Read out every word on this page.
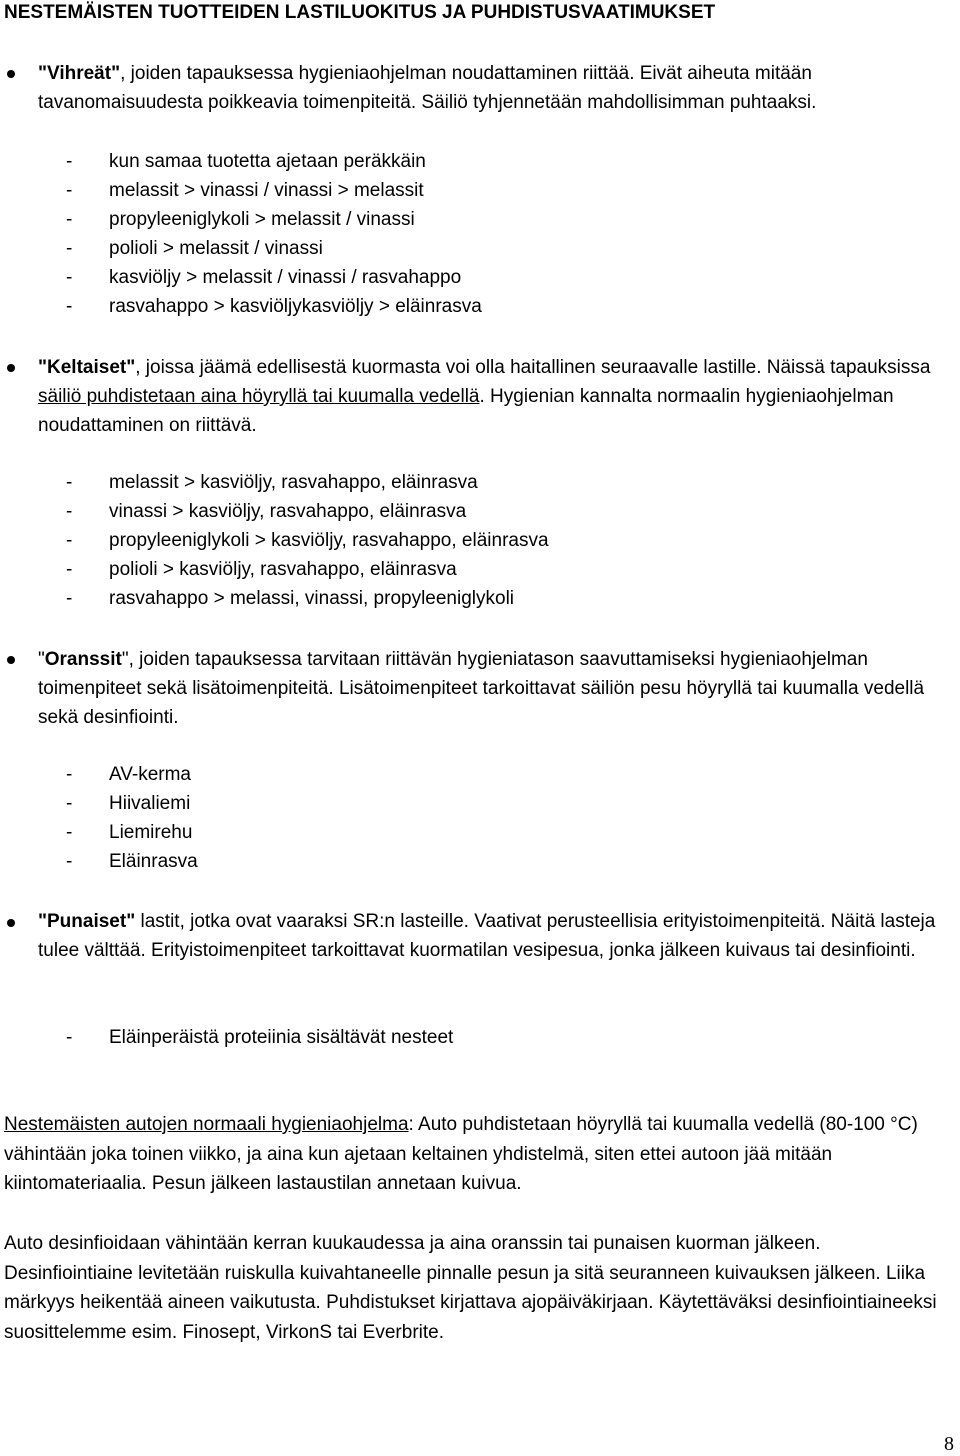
NESTEMÄISTEN TUOTTEIDEN LASTILUOKITUS JA PUHDISTUSVAATIMUKSET
"Vihreät", joiden tapauksessa hygieniaohjelman noudattaminen riittää. Eivät aiheuta mitään tavanomaisuudesta poikkeavia toimenpiteitä. Säiliö tyhjennetään mahdollisimman puhtaaksi.
-	kun samaa tuotetta ajetaan peräkkäin
-	melassit > vinassi / vinassi > melassit
-	propyleeniglykoli > melassit / vinassi
-	polioli > melassit / vinassi
-	kasviöljy > melassit / vinassi / rasvahappo
-	rasvahappo > kasviöljykasviöljy > eläinrasva
"Keltaiset", joissa jäämä edellisestä kuormasta voi olla haitallinen seuraavalle lastille. Näissä tapauksissa säiliö puhdistetaan aina höyryllä tai kuumalla vedellä. Hygienian kannalta normaalin hygieniaohjelman noudattaminen on riittävä.
-	melassit > kasviöljy, rasvahappo, eläinrasva
-	vinassi > kasviöljy, rasvahappo, eläinrasva
-	propyleeniglykoli > kasviöljy, rasvahappo, eläinrasva
-	polioli > kasviöljy, rasvahappo, eläinrasva
-	rasvahappo > melassi, vinassi, propyleeniglykoli
"Oranssit", joiden tapauksessa tarvitaan riittävän hygieniatason saavuttamiseksi hygieniaohjelman toimenpiteet sekä lisätoimenpiteitä. Lisätoimenpiteet tarkoittavat säiliön pesu höyryllä tai kuumalla vedellä sekä desinfiointi.
-	AV-kerma
-	Hiivaliemi
-	Liemirehu
-	Eläinrasva
"Punaiset" lastit, jotka ovat vaaraksi SR:n lasteille. Vaativat perusteellisia erityistoimenpiteitä. Näitä lasteja tulee välttää. Erityistoimenpiteet tarkoittavat kuormatilan vesipesua, jonka jälkeen kuivaus tai desinfiointi.
-	Eläinperäistä proteiinia sisältävät nesteet
Nestemäisten autojen normaali hygieniaohjelma: Auto puhdistetaan höyryllä tai kuumalla vedellä (80-100 °C) vähintään joka toinen viikko, ja aina kun ajetaan keltainen yhdistelmä, siten ettei autoon jää mitään kiintomateriaalia. Pesun jälkeen lastaustilan annetaan kuivua.
Auto desinfioidaan vähintään kerran kuukaudessa ja aina oranssin tai punaisen kuorman jälkeen. Desinfiointiaine levitetään ruiskulla kuivahtaneelle pinnalle pesun ja sitä seuranneen kuivauksen jälkeen. Liika märkyys heikentää aineen vaikutusta. Puhdistukset kirjattava ajopäiväkirjaan. Käytettäväksi desinfiointiaineeksi suosittelemme esim. Finosept, VirkonS tai Everbrite.
8
